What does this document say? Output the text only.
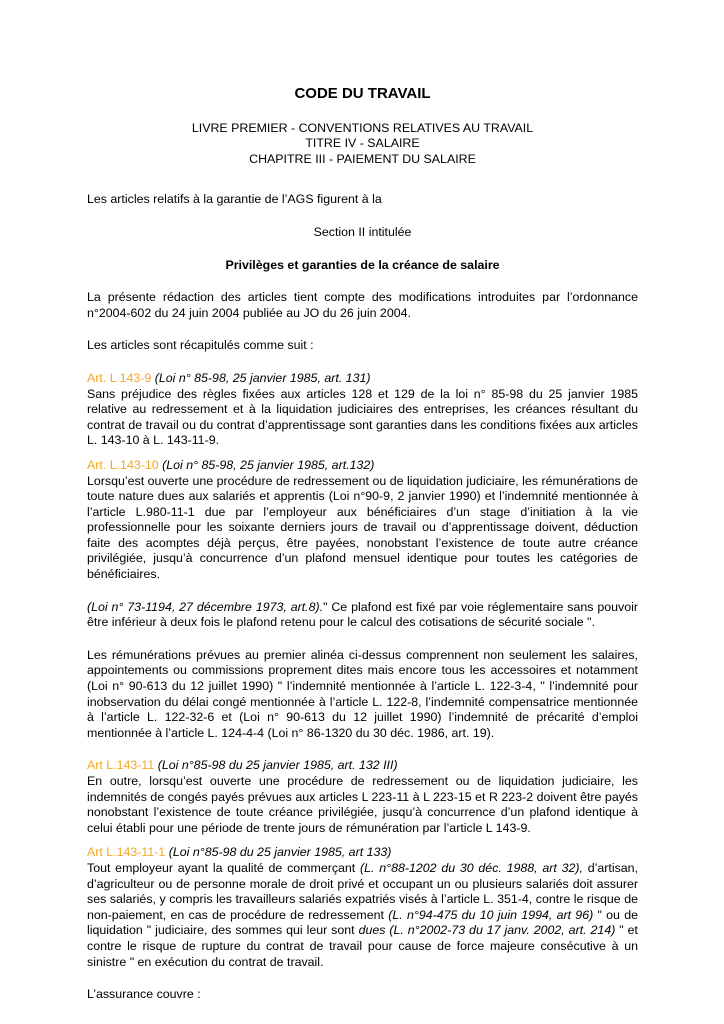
CODE DU TRAVAIL

LIVRE PREMIER - CONVENTIONS RELATIVES AU TRAVAIL

TITRE IV - SALAIRE

CHAPITRE III - PAIEMENT DU SALAIRE

Les articles relatifs à la garantie de l’AGS figurent à la

Section II intitulée

Privilèges et garanties de la créance de salaire

La présente rédaction des articles tient compte des modifications introduites par l’ordonnance n°2004-602 du 24 juin 2004 publiée au JO du 26 juin 2004.

Les articles sont récapitulés comme suit :

Art. L 143-9 (Loi n° 85-98, 25 janvier 1985, art. 131)

Sans préjudice des règles fixées aux articles 128 et 129 de la loi n° 85-98 du 25 janvier 1985 relative au redressement et à la liquidation judiciaires des entreprises, les créances résultant du contrat de travail ou du contrat d’apprentissage sont garanties dans les conditions fixées aux articles L. 143-10 à L. 143-11-9.

Art. L.143-10 (Loi n° 85-98, 25 janvier 1985, art.132)

Lorsqu’est ouverte une procédure de redressement ou de liquidation judiciaire, les rémunérations de toute nature dues aux salariés et apprentis (Loi n°90-9, 2 janvier 1990) et l’indemnité mentionnée à l’article L.980-11-1 due par l’employeur aux bénéficiaires d’un stage d’initiation à la vie professionnelle pour les soixante derniers jours de travail ou d’apprentissage doivent, déduction faite des acomptes déjà perçus, être payées, nonobstant l’existence de toute autre créance privilégiée, jusqu’à concurrence d’un plafond mensuel identique pour toutes les catégories de bénéficiaires.

(Loi n° 73-1194, 27 décembre 1973, art.8)." Ce plafond est fixé par voie réglementaire sans pouvoir être inférieur à deux fois le plafond retenu pour le calcul des cotisations de sécurité sociale ".

Les rémunérations prévues au premier alinéa ci-dessus comprennent non seulement les salaires, appointements ou commissions proprement dites mais encore tous les accessoires et notamment (Loi n° 90-613 du 12 juillet 1990) " l’indemnité mentionnée à l’article L. 122-3-4, " l’indemnité pour inobservation du délai congé mentionnée à l’article L. 122-8, l’indemnité compensatrice mentionnée à l’article L. 122-32-6 et (Loi n° 90-613 du 12 juillet 1990) l’indemnité de précarité d’emploi mentionnée à l’article L. 124-4-4 (Loi n° 86-1320 du 30 déc. 1986, art. 19).

Art L.143-11 (Loi n°85-98 du 25 janvier 1985, art. 132 III)

En outre, lorsqu’est ouverte une procédure de redressement ou de liquidation judiciaire, les indemnités de congés payés prévues aux articles L 223-11 à L 223-15 et R 223-2 doivent être payés nonobstant l’existence de toute créance privilégiée, jusqu’à concurrence d’un plafond identique à celui établi pour une période de trente jours de rémunération par l’article L 143-9.

Art L.143-11-1 (Loi n°85-98 du 25 janvier 1985, art 133)

Tout employeur ayant la qualité de commerçant (L. n°88-1202 du 30 déc. 1988, art 32), d’artisan, d’agriculteur ou de personne morale de droit privé et occupant un ou plusieurs salariés doit assurer ses salariés, y compris les travailleurs salariés expatriés visés à l’article L. 351-4, contre le risque de non-paiement, en cas de procédure de redressement (L. n°94-475 du 10 juin 1994, art 96) " ou de liquidation " judiciaire, des sommes qui leur sont dues (L. n°2002-73 du 17 janv. 2002, art. 214) " et contre le risque de rupture du contrat de travail pour cause de force majeure consécutive à un sinistre " en exécution du contrat de travail.

L’assurance couvre :
